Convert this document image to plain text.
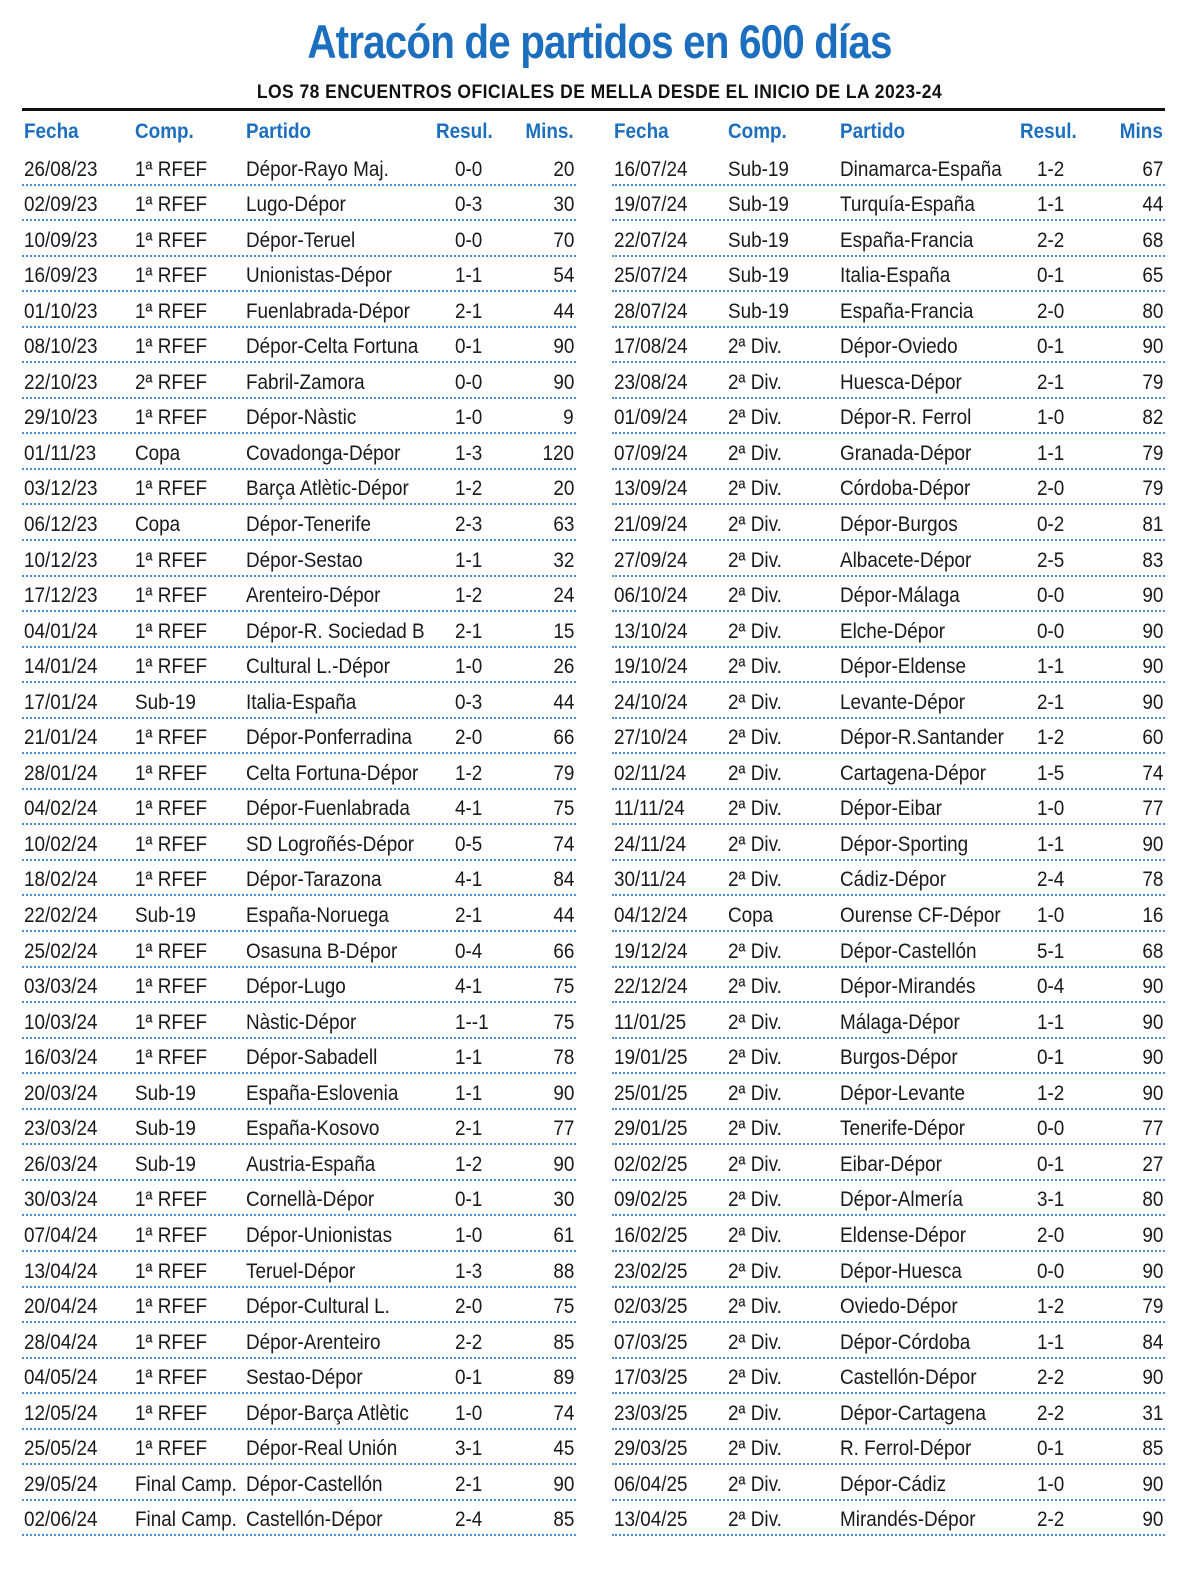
Atracón de partidos en 600 días
LOS 78 ENCUENTROS OFICIALES DE MELLA DESDE EL INICIO DE LA 2023-24
Fecha	Comp. Partido	Resul. Mins.
26/08/23 1ª RFEF Dépor-Rayo Maj.	0-0	20
02/09/23 1ª RFEF Lugo-Dépor	0-3	30
10/09/23 1ª RFEF Dépor-Teruel	0-0	70
16/09/23 1ª RFEF Unionistas-Dépor	1-1	54
01/10/23 1ª RFEF Fuenlabrada-Dépor 2-1	44
08/10/23 1ª RFEF Dépor-Celta Fortuna 0-1	90
22/10/23 2ª RFEF Fabril-Zamora	0-0	90
29/10/23 1ª RFEF Dépor-Nàstic	1-0	9
01/11/23 Copa	Covadonga-Dépor	1-3	120
03/12/23 1ª RFEF Barça Atlètic-Dépor 1-2	20
06/12/23 Copa	Dépor-Tenerife	2-3	63
10/12/23 1ª RFEF Dépor-Sestao	1-1	32
17/12/23 1ª RFEF Arenteiro-Dépor	1-2	24
04/01/24 1ª RFEF Dépor-R. Sociedad B 2-1	15
14/01/24 1ª RFEF Cultural L.-Dépor	1-0	26
17/01/24 Sub-19 Italia-España	0-3	44
21/01/24 1ª RFEF Dépor-Ponferradina 2-0	66
28/01/24 1ª RFEF Celta Fortuna-Dépor 1-2	79
04/02/24 1ª RFEF Dépor-Fuenlabrada 4-1	75
10/02/24 1ª RFEF SD Logroñés-Dépor 0-5	74
18/02/24 1ª RFEF Dépor-Tarazona	4-1	84
22/02/24 Sub-19 España-Noruega	2-1	44
25/02/24 1ª RFEF Osasuna B-Dépor	0-4	66
03/03/24 1ª RFEF Dépor-Lugo	4-1	75
10/03/24 1ª RFEF Nàstic-Dépor	1--1	75
16/03/24 1ª RFEF Dépor-Sabadell	1-1	78
20/03/24 Sub-19 España-Eslovenia	1-1	90
23/03/24 Sub-19 España-Kosovo	2-1	77
26/03/24 Sub-19 Austria-España	1-2	90
30/03/24 1ª RFEF Cornellà-Dépor	0-1	30
07/04/24 1ª RFEF Dépor-Unionistas	1-0	61
13/04/24 1ª RFEF Teruel-Dépor	1-3	88
20/04/24 1ª RFEF Dépor-Cultural L.	2-0	75
28/04/24 1ª RFEF Dépor-Arenteiro	2-2	85
04/05/24 1ª RFEF Sestao-Dépor	0-1	89
12/05/24 1ª RFEF Dépor-Barça Atlètic 1-0	74
25/05/24 1ª RFEF Dépor-Real Unión	3-1	45
29/05/24 Final Camp. Dépor-Castellón	2-1	90
02/06/24 Final Camp. Castellón-Dépor	2-4	85
Fecha	Comp.	Partido	Resul. Mins
16/07/24 Sub-19 Dinamarca-España 1-2	67
19/07/24 Sub-19 Turquía-España	1-1	44
22/07/24 Sub-19 España-Francia	2-2	68
25/07/24 Sub-19 Italia-España	0-1	65
28/07/24 Sub-19 España-Francia	2-0	80
17/08/24 2ª Div.	Dépor-Oviedo	0-1	90
23/08/24 2ª Div.	Huesca-Dépor	2-1	79
01/09/24 2ª Div.	Dépor-R. Ferrol	1-0	82
07/09/24 2ª Div.	Granada-Dépor	1-1	79
13/09/24 2ª Div.	Córdoba-Dépor	2-0	79
21/09/24 2ª Div.	Dépor-Burgos	0-2	81
27/09/24 2ª Div.	Albacete-Dépor	2-5	83
06/10/24 2ª Div.	Dépor-Málaga	0-0	90
13/10/24 2ª Div.	Elche-Dépor	0-0	90
19/10/24 2ª Div.	Dépor-Eldense	1-1	90
24/10/24 2ª Div.	Levante-Dépor	2-1	90
27/10/24 2ª Div.	Dépor-R.Santander 1-2	60
02/11/24 2ª Div.	Cartagena-Dépor 1-5	74
11/11/24 2ª Div.	Dépor-Eibar	1-0	77
24/11/24 2ª Div.	Dépor-Sporting	1-1	90
30/11/24 2ª Div.	Cádiz-Dépor	2-4	78
04/12/24 Copa	Ourense CF-Dépor 1-0	16
19/12/24 2ª Div.	Dépor-Castellón	5-1	68
22/12/24 2ª Div.	Dépor-Mirandés	0-4	90
11/01/25 2ª Div.	Málaga-Dépor	1-1	90
19/01/25 2ª Div.	Burgos-Dépor	0-1	90
25/01/25 2ª Div.	Dépor-Levante	1-2	90
29/01/25 2ª Div.	Tenerife-Dépor	0-0	77
02/02/25 2ª Div.	Eibar-Dépor	0-1	27
09/02/25 2ª Div.	Dépor-Almería	3-1	80
16/02/25 2ª Div.	Eldense-Dépor	2-0	90
23/02/25 2ª Div.	Dépor-Huesca	0-0	90
02/03/25 2ª Div.	Oviedo-Dépor	1-2	79
07/03/25 2ª Div.	Dépor-Córdoba	1-1	84
17/03/25 2ª Div.	Castellón-Dépor	2-2	90
23/03/25 2ª Div.	Dépor-Cartagena 2-2	31
29/03/25 2ª Div.	R. Ferrol-Dépor	0-1	85
06/04/25 2ª Div.	Dépor-Cádiz	1-0	90
13/04/25 2ª Div.	Mirandés-Dépor	2-2	90
